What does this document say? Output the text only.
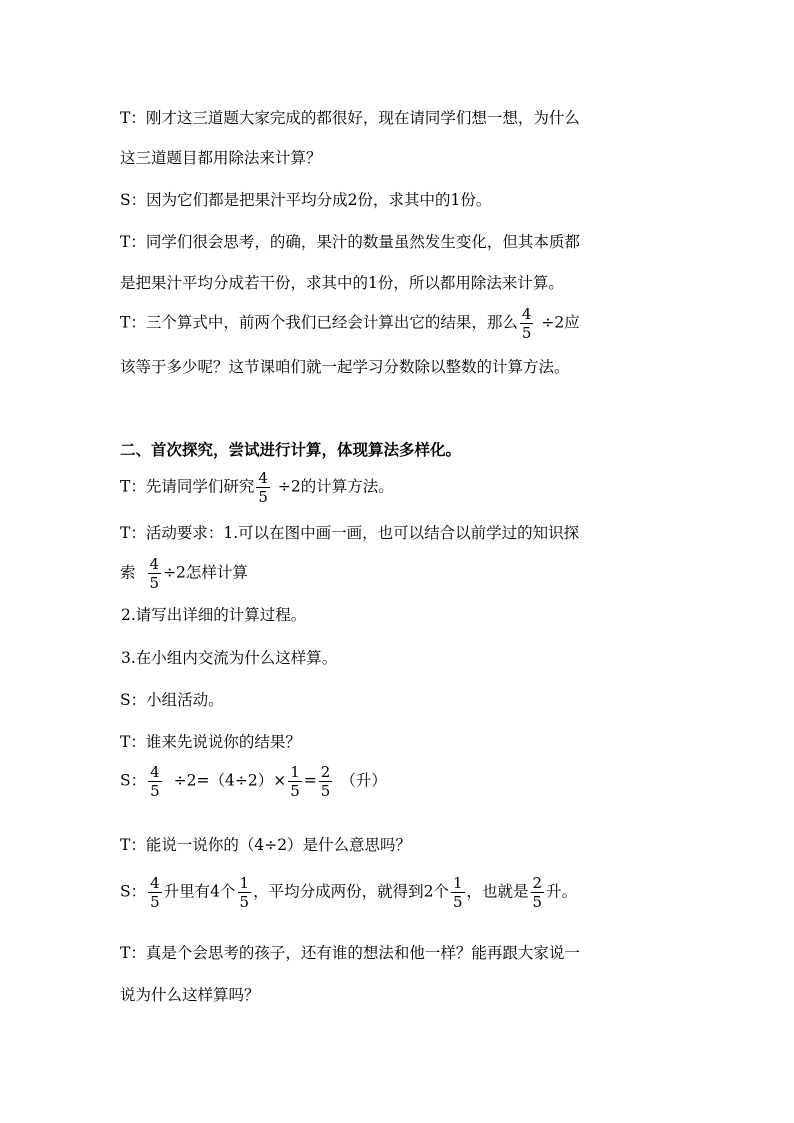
T：刚才这三道题大家完成的都很好，现在请同学们想一想，为什么
这三道题目都用除法来计算？
S：因为它们都是把果汁平均分成2份，求其中的1份。
T：同学们很会思考，的确，果汁的数量虽然发生变化，但其本质都
是把果汁平均分成若干份，求其中的1份，所以都用除法来计算。
T：三个算式中，前两个我们已经会计算出它的结果，那么 $\frac{4}{5} \div 2$应
该等于多少呢？这节课咱们就一起学习分数除以整数的计算方法。
二、首次探究，尝试进行计算，体现算法多样化。
T：先请同学们研究 $\frac{4}{5} \div 2$的计算方法。
T：活动要求：1.可以在图中画一画，也可以结合以前学过的知识探
索 $\frac{4}{5} \div 2$怎样计算
2.请写出详细的计算过程。
3.在小组内交流为什么这样算。
S：小组活动。
T：谁来先说说你的结果？
S： $\frac{4}{5} \div 2=(4\div 2)\times \frac{1}{5} = \frac{2}{5}$ （升）
T：能说一说你的（4÷2）是什么意思吗？
S： $\frac{4}{5}$ 升里有4个 $\frac{1}{5}$ ，平均分成两份，就得到2个 $\frac{1}{5}$ ，也就是 $\frac{2}{5}$ 升。
T：真是个会思考的孩子，还有谁的想法和他一样？能再跟大家说一
说为什么这样算吗？
